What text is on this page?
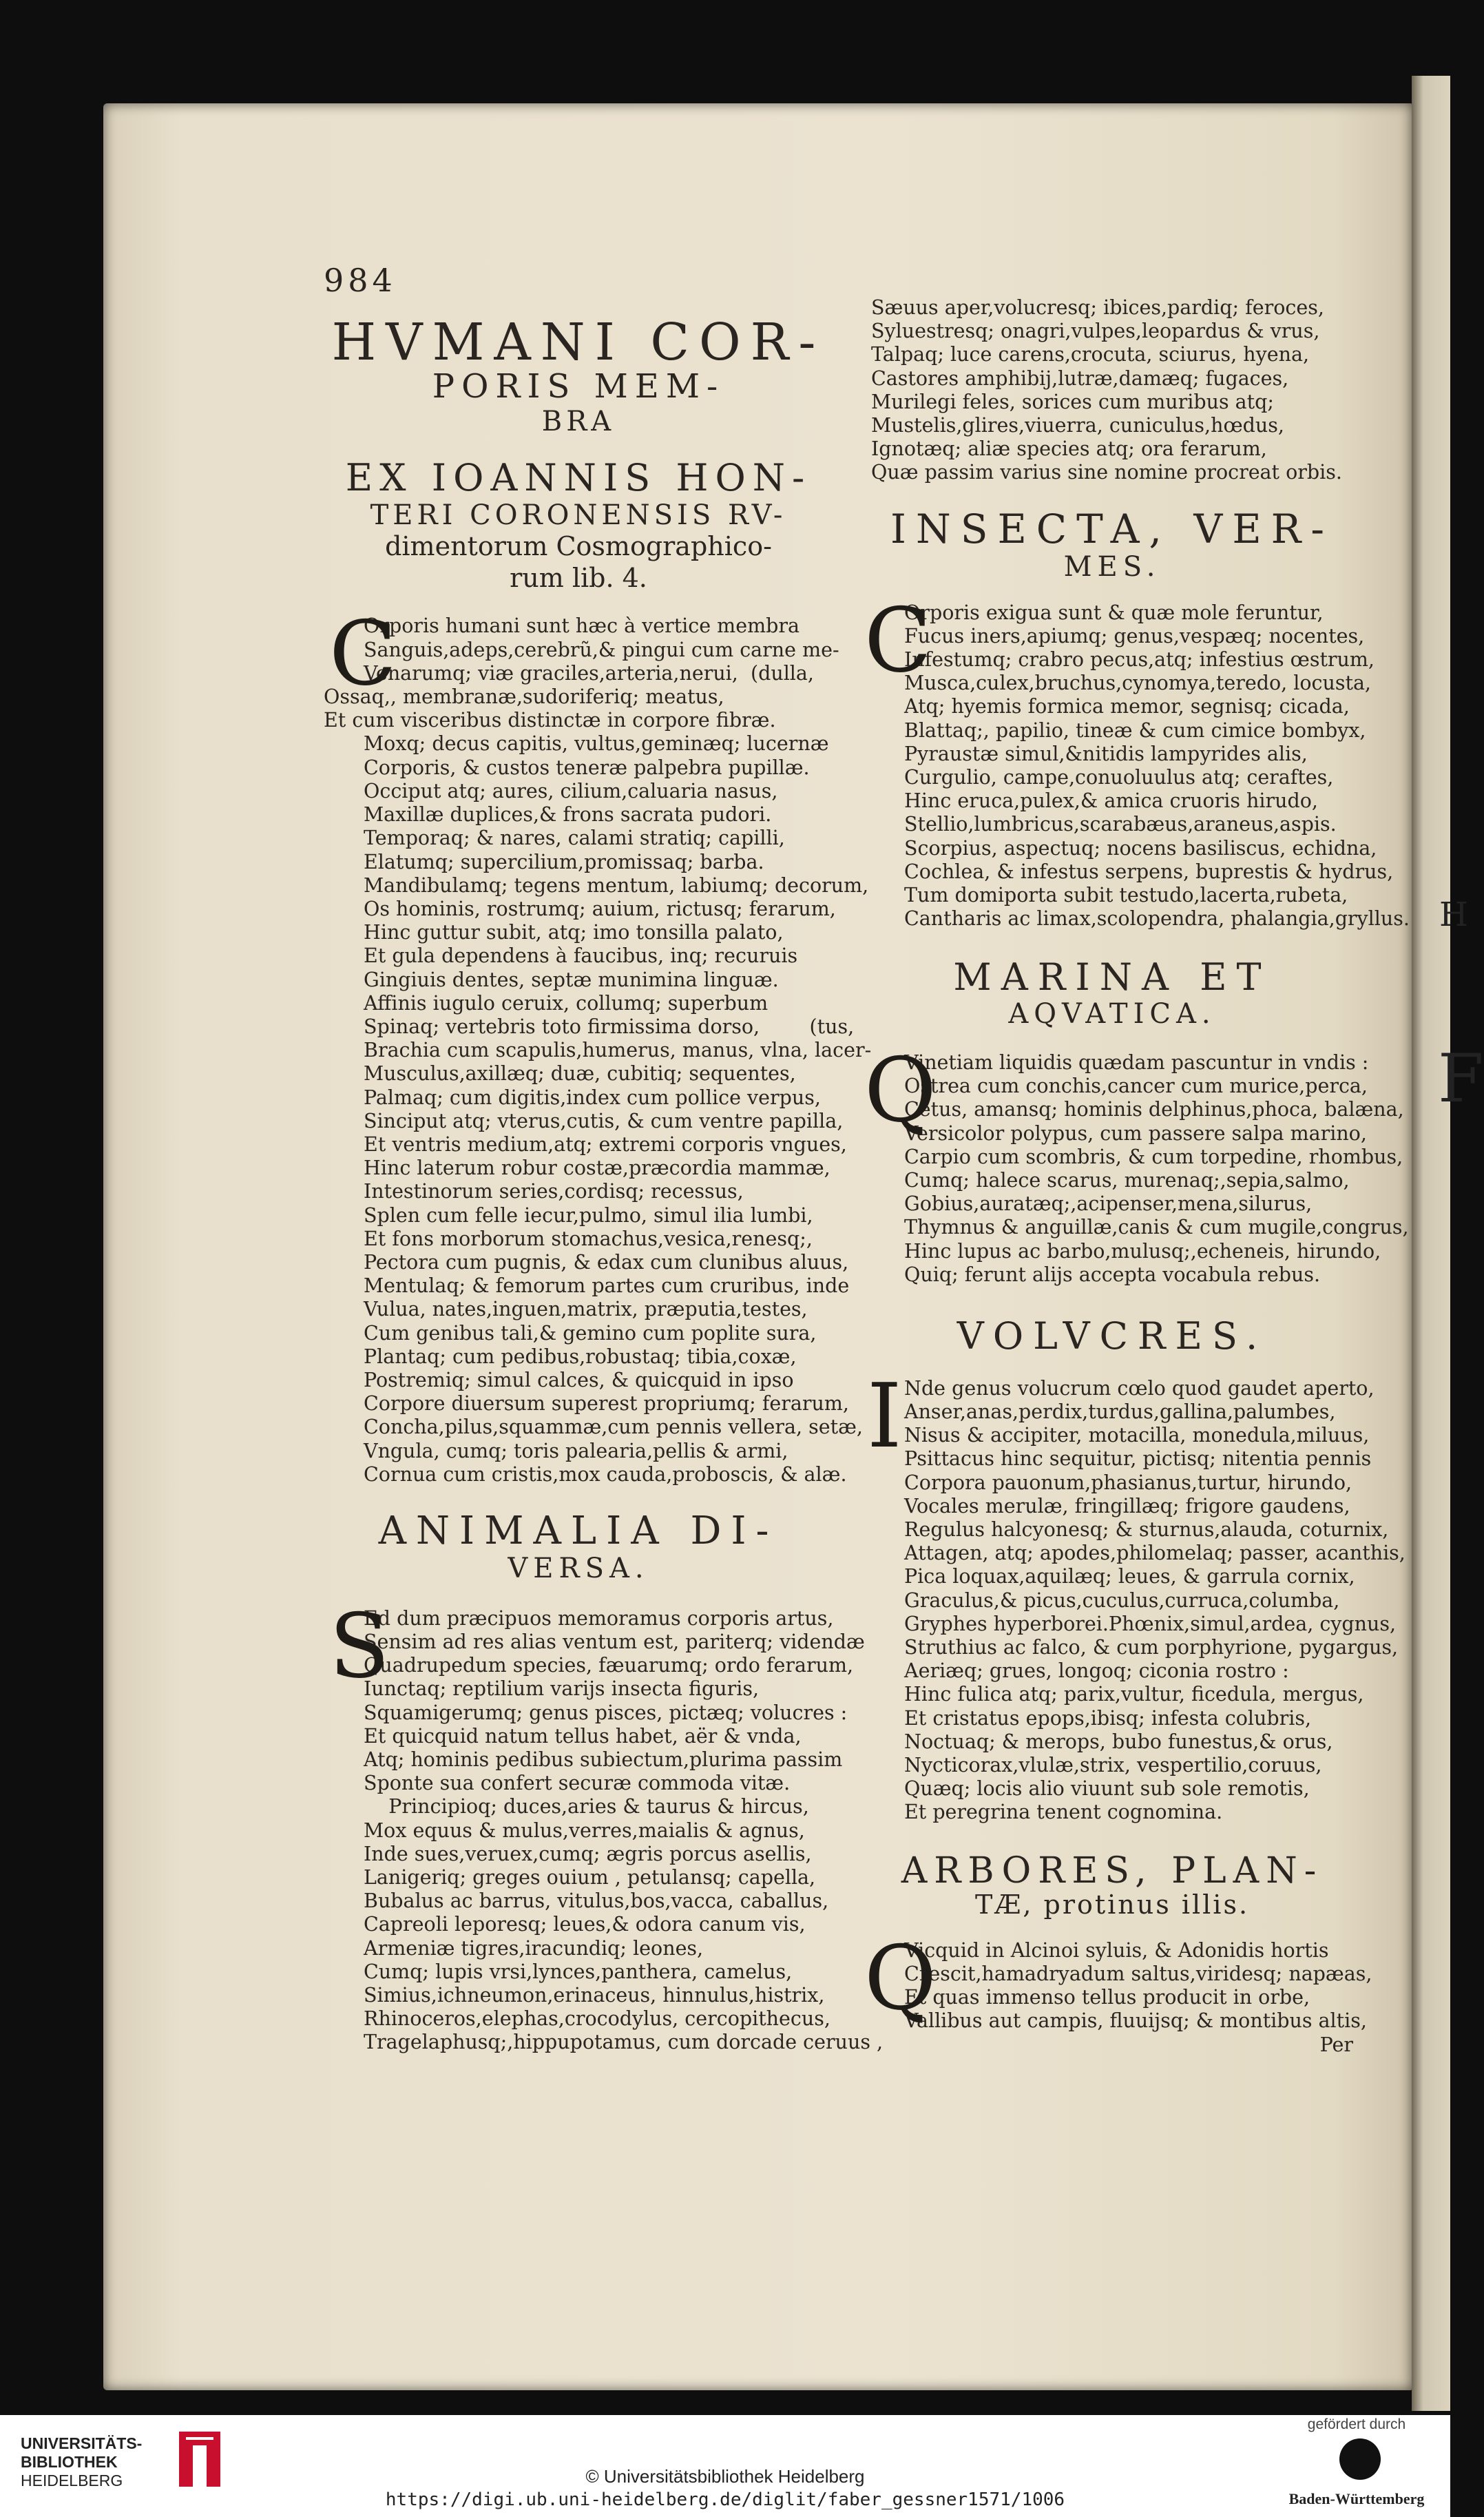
H
F
984
HVMANI COR-
PORIS MEM-
BRA
EX IOANNIS HON-
TERI CORONENSIS RV-
dimentorum Cosmographico-
rum lib. 4.
C
Orporis humani sunt hæc à vertice membra
Sanguis,adeps,cerebrũ,& pingui cum carne me-
Venarumq; viæ graciles,arteria,nerui,  (dulla,
Ossaq,, membranæ,sudoriferiq; meatus,
Et cum visceribus distinctæ in corpore fibræ.
Moxq; decus capitis, vultus,geminæq; lucernæ
Corporis, & custos teneræ palpebra pupillæ.
Occiput atq; aures, cilium,caluaria nasus,
Maxillæ duplices,& frons sacrata pudori.
Temporaq; & nares, calami stratiq; capilli,
Elatumq; supercilium,promissaq; barba.
Mandibulamq; tegens mentum, labiumq; decorum,
Os hominis, rostrumq; auium, rictusq; ferarum,
Hinc guttur subit, atq; imo tonsilla palato,
Et gula dependens à faucibus, inq; recuruis
Gingiuis dentes, septæ munimina linguæ.
Affinis iugulo ceruix, collumq; superbum
Spinaq; vertebris toto firmissima dorso,        (tus,
Brachia cum scapulis,humerus, manus, vlna, lacer-
Musculus,axillæq; duæ, cubitiq; sequentes,
Palmaq; cum digitis,index cum pollice verpus,
Sinciput atq; vterus,cutis, & cum ventre papilla,
Et ventris medium,atq; extremi corporis vngues,
Hinc laterum robur costæ,præcordia mammæ,
Intestinorum series,cordisq; recessus,
Splen cum felle iecur,pulmo, simul ilia lumbi,
Et fons morborum stomachus,vesica,renesq;,
Pectora cum pugnis, & edax cum clunibus aluus,
Mentulaq; & femorum partes cum cruribus, inde
Vulua, nates,inguen,matrix, præputia,testes,
Cum genibus tali,& gemino cum poplite sura,
Plantaq; cum pedibus,robustaq; tibia,coxæ,
Postremiq; simul calces, & quicquid in ipso
Corpore diuersum superest propriumq; ferarum,
Concha,pilus,squammæ,cum pennis vellera, setæ,
Vngula, cumq; toris palearia,pellis & armi,
Cornua cum cristis,mox cauda,proboscis, & alæ.
ANIMALIA DI-
VERSA.
S
Ed dum præcipuos memoramus corporis artus,
Sensim ad res alias ventum est, pariterq; videndæ
Quadrupedum species, fæuarumq; ordo ferarum,
Iunctaq; reptilium varijs insecta figuris,
Squamigerumq; genus pisces, pictæq; volucres :
Et quicquid natum tellus habet, aër & vnda,
Atq; hominis pedibus subiectum,plurima passim
Sponte sua confert securæ commoda vitæ.
Principioq; duces,aries & taurus & hircus,
Mox equus & mulus,verres,maialis & agnus,
Inde sues,veruex,cumq; ægris porcus asellis,
Lanigeriq; greges ouium , petulansq; capella,
Bubalus ac barrus, vitulus,bos,vacca, caballus,
Capreoli leporesq; leues,& odora canum vis,
Armeniæ tigres,iracundiq; leones,
Cumq; lupis vrsi,lynces,panthera, camelus,
Simius,ichneumon,erinaceus, hinnulus,histrix,
Rhinoceros,elephas,crocodylus, cercopithecus,
Tragelaphusq;,hippupotamus, cum dorcade ceruus ,
Sæuus aper,volucresq; ibices,pardiq; feroces,
Syluestresq; onagri,vulpes,leopardus & vrus,
Talpaq; luce carens,crocuta, sciurus, hyena,
Castores amphibij,lutræ,damæq; fugaces,
Murilegi feles, sorices cum muribus atq;
Mustelis,glires,viuerra, cuniculus,hœdus,
Ignotæq; aliæ species atq; ora ferarum,
Quæ passim varius sine nomine procreat orbis.
INSECTA, VER-
MES.
C
Orporis exigua sunt & quæ mole feruntur,
Fucus iners,apiumq; genus,vespæq; nocentes,
Infestumq; crabro pecus,atq; infestius œstrum,
Musca,culex,bruchus,cynomya,teredo, locusta,
Atq; hyemis formica memor, segnisq; cicada,
Blattaq;, papilio, tineæ & cum cimice bombyx,
Pyraustæ simul,&nitidis lampyrides alis,
Curgulio, campe,conuoluulus atq; ceraftes,
Hinc eruca,pulex,& amica cruoris hirudo,
Stellio,lumbricus,scarabæus,araneus,aspis.
Scorpius, aspectuq; nocens basiliscus, echidna,
Cochlea, & infestus serpens, buprestis & hydrus,
Tum domiporta subit testudo,lacerta,rubeta,
Cantharis ac limax,scolopendra, phalangia,gryllus.
MARINA ET
AQVATICA.
Q
Vinetiam liquidis quædam pascuntur in vndis :
Ostrea cum conchis,cancer cum murice,perca,
Cetus, amansq; hominis delphinus,phoca, balæna,
Versicolor polypus, cum passere salpa marino,
Carpio cum scombris, & cum torpedine, rhombus,
Cumq; halece scarus, murenaq;,sepia,salmo,
Gobius,auratæq;,acipenser,mena,silurus,
Thymnus & anguillæ,canis & cum mugile,congrus,
Hinc lupus ac barbo,mulusq;,echeneis, hirundo,
Quiq; ferunt alijs accepta vocabula rebus.
VOLVCRES.
I Nde genus volucrum cœlo quod gaudet aperto,
Anser,anas,perdix,turdus,gallina,palumbes,
Nisus & accipiter, motacilla, monedula,miluus,
Psittacus hinc sequitur, pictisq; nitentia pennis
Corpora pauonum,phasianus,turtur, hirundo,
Vocales merulæ, fringillæq; frigore gaudens,
Regulus halcyonesq; & sturnus,alauda, coturnix,
Attagen, atq; apodes,philomelaq; passer, acanthis,
Pica loquax,aquilæq; leues, & garrula cornix,
Graculus,& picus,cuculus,curruca,columba,
Gryphes hyperborei.Phœnix,simul,ardea, cygnus,
Struthius ac falco, & cum porphyrione, pygargus,
Aeriæq; grues, longoq; ciconia rostro :
Hinc fulica atq; parix,vultur, ficedula, mergus,
Et cristatus epops,ibisq; infesta colubris,
Noctuaq; & merops, bubo funestus,& orus,
Nycticorax,vlulæ,strix, vespertilio,coruus,
Quæq; locis alio viuunt sub sole remotis,
Et peregrina tenent cognomina.
ARBORES, PLAN-
TÆ, protinus illis.
Q
Vicquid in Alcinoi syluis, & Adonidis hortis
Crescit,hamadryadum saltus,viridesq; napæas,
Et quas immenso tellus producit in orbe,
Vallibus aut campis, fluuijsq; & montibus altis,
Per
UNIVERSITÄTS-
BIBLIOTHEK
HEIDELBERG	© Universitätsbibliothek Heidelberg
https://digi.ub.uni-heidelberg.de/diglit/faber_gessner1571/1006
gefördert durch
Baden-Württemberg
